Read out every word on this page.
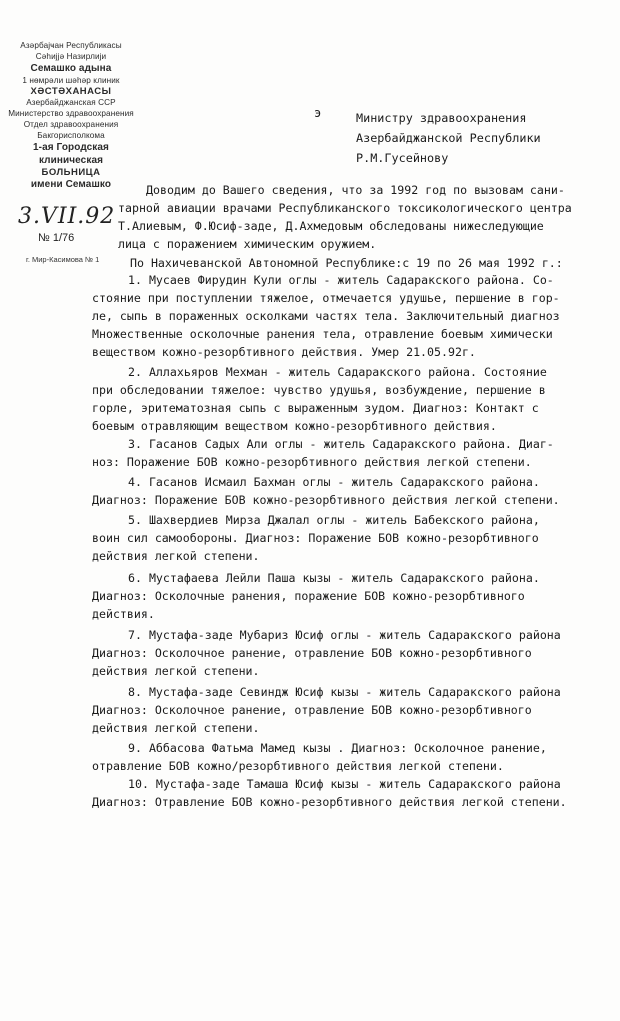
Азәрбајҹан Республикасы
Сәһијјә Назирлији
Семашко адына
1 нөмрәли шәһәр клиник
ХӘСТӘХАНАСЫ
Азербайджанская ССР
Министерство здравоохранения
Отдел здравоохранения
Бакгорисполкома
1-ая Городская
клиническая
БОЛЬНИЦА
имени Семашко
3.VII.92
№ 1/76
г. Мир-Касимова № 1
э	Министру здравоохранения
Азербайджанской Республики
Р.М.Гусейнову
Доводим до Вашего сведения, что за 1992 год по вызовам сани-
тарной авиации врачами Республиканского токсикологического центра
Т.Алиевым, Ф.Юсиф-заде, Д.Ахмедовым обследованы нижеследующие
лица с поражением химическим оружием.
По Нахичеванской Автономной Республике:с 19 по 26 мая 1992 г.:
1. Мусаев Фирудин Кули оглы - житель Садаракского района. Со-
стояние при поступлении тяжелое, отмечается удушье, першение в гор-
ле, сыпь в пораженных осколками частях тела. Заключительный диагноз
Множественные осколочные ранения тела, отравление боевым химически
веществом кожно-резорбтивного действия. Умер 21.05.92г.
2. Аллахьяров Мехман - житель Садаракского района. Состояние
при обследовании тяжелое: чувство удушья, возбуждение, першение в
горле, эритематозная сыпь с выраженным зудом. Диагноз: Контакт с
боевым отравляющим веществом кожно-резорбтивного действия.
3. Гасанов Садых Али оглы - житель Садаракского района. Диаг-
ноз: Поражение БОВ кожно-резорбтивного действия легкой степени.
4. Гасанов Исмаил Бахман оглы - житель Садаракского района.
Диагноз: Поражение БОВ кожно-резорбтивного действия легкой степени.
5. Шахвердиев Мирза Джалал оглы - житель Бабекского района,
воин сил самообороны. Диагноз: Поражение БОВ кожно-резорбтивного
действия легкой степени.
6. Мустафаева Лейли Паша кызы - житель Садаракского района.
Диагноз: Осколочные ранения, поражение БОВ кожно-резорбтивного
действия.
7. Мустафа-заде Мубариз Юсиф оглы - житель Садаракского района
Диагноз: Осколочное ранение, отравление БОВ кожно-резорбтивного
действия легкой степени.
8. Мустафа-заде Севиндж Юсиф кызы - житель Садаракского района
Диагноз: Осколочное ранение, отравление БОВ кожно-резорбтивного
действия легкой степени.
9. Аббасова Фатьма Мамед кызы . Диагноз: Осколочное ранение,
отравление БОВ кожно/резорбтивного действия легкой степени.
10. Мустафа-заде Тамаша Юсиф кызы - житель Садаракского района
Диагноз: Отравление БОВ кожно-резорбтивного действия легкой степени.
